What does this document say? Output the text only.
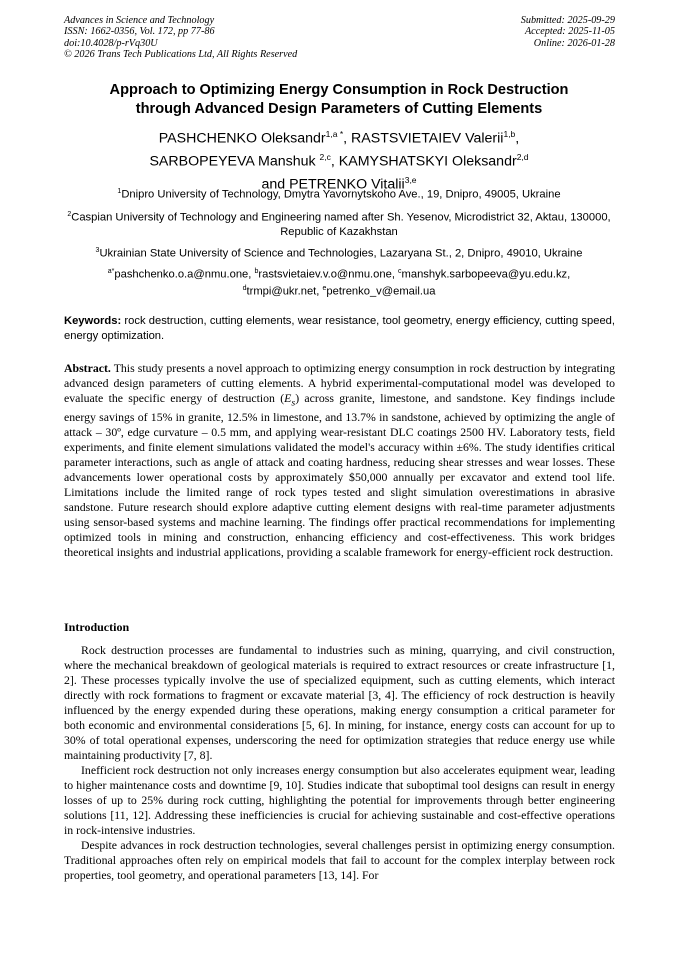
Advances in Science and Technology
ISSN: 1662-0356, Vol. 172, pp 77-86
doi:10.4028/p-rVq30U
© 2026 Trans Tech Publications Ltd, All Rights Reserved
Submitted: 2025-09-29
Accepted: 2025-11-05
Online: 2026-01-28
Approach to Optimizing Energy Consumption in Rock Destruction
through Advanced Design Parameters of Cutting Elements
PASHCHENKO Oleksandr$^{1,a *}$, RASTSVIETAIEV Valerii$^{1,b}$,
SARBOPEYEVA Manshuk $^{2,c}$, KAMYSHATSKYI Oleksandr$^{2,d}$
and PETRENKO Vitalii$^{3,e}$
$^1$Dnipro University of Technology, Dmytra Yavornytskoho Ave., 19, Dnipro, 49005, Ukraine
$^2$Caspian University of Technology and Engineering named after Sh. Yesenov, Microdistrict 32, Aktau, 130000, Republic of Kazakhstan
$^3$Ukrainian State University of Science and Technologies, Lazaryana St., 2, Dnipro, 49010, Ukraine
$^{a*}$pashchenko.o.a@nmu.one, $^b$rastsvietaiev.v.o@nmu.one, $^c$manshyk.sarbopeeva@yu.edu.kz,
$^d$trmpi@ukr.net, $^e$petrenko_v@email.ua
Keywords: rock destruction, cutting elements, wear resistance, tool geometry, energy efficiency, cutting speed, energy optimization.
Abstract. This study presents a novel approach to optimizing energy consumption in rock destruction by integrating advanced design parameters of cutting elements. A hybrid experimental-computational model was developed to evaluate the specific energy of destruction $(E_s)$ across granite, limestone, and sandstone. Key findings include energy savings of 15% in granite, 12.5% in limestone, and 13.7% in sandstone, achieved by optimizing the angle of attack – 30º, edge curvature – 0.5 mm, and applying wear-resistant DLC coatings 2500 HV. Laboratory tests, field experiments, and finite element simulations validated the model's accuracy within ±6%. The study identifies critical parameter interactions, such as angle of attack and coating hardness, reducing shear stresses and wear losses. These advancements lower operational costs by approximately $50,000 annually per excavator and extend tool life. Limitations include the limited range of rock types tested and slight simulation overestimations in abrasive sandstone. Future research should explore adaptive cutting element designs with real-time parameter adjustments using sensor-based systems and machine learning. The findings offer practical recommendations for implementing optimized tools in mining and construction, enhancing efficiency and cost-effectiveness. This work bridges theoretical insights and industrial applications, providing a scalable framework for energy-efficient rock destruction.
Introduction

Rock destruction processes are fundamental to industries such as mining, quarrying, and civil construction, where the mechanical breakdown of geological materials is required to extract resources or create infrastructure [1, 2]. These processes typically involve the use of specialized equipment, such as cutting elements, which interact directly with rock formations to fragment or excavate material [3, 4]. The efficiency of rock destruction is heavily influenced by the energy expended during these operations, making energy consumption a critical parameter for both economic and environmental considerations [5, 6]. In mining, for instance, energy costs can account for up to 30% of total operational expenses, underscoring the need for optimization strategies that reduce energy use while maintaining productivity [7, 8].

Inefficient rock destruction not only increases energy consumption but also accelerates equipment wear, leading to higher maintenance costs and downtime [9, 10]. Studies indicate that suboptimal tool designs can result in energy losses of up to 25% during rock cutting, highlighting the potential for improvements through better engineering solutions [11, 12]. Addressing these inefficiencies is crucial for achieving sustainable and cost-effective operations in rock-intensive industries.

Despite advances in rock destruction technologies, several challenges persist in optimizing energy consumption. Traditional approaches often rely on empirical models that fail to account for the complex interplay between rock properties, tool geometry, and operational parameters [13, 14]. For
